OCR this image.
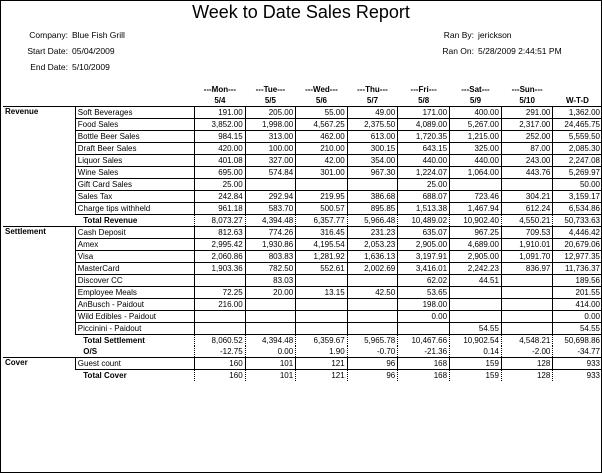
Week to Date Sales Report
Company: Blue Fish Grill
Start Date: 05/04/2009
End Date: 5/10/2009
Ran By: jerickson
Ran On: 5/28/2009 2:44:51 PM
		---Mon---	---Tue---	---Wed---	---Thu---	---Fri---	---Sat---	---Sun---	
		5/4	5/5	5/6	5/7	5/8	5/9	5/10	W-T-D
Revenue	Soft Beverages	191.00	205.00	55.00	49.00	171.00	400.00	291.00	1,362.00
	Food Sales	3,852.00	1,998.00	4,567.25	2,375.50	4,089.00	5,267.00	2,317.00	24,465.75
	Bottle Beer Sales	984.15	313.00	462.00	613.00	1,720.35	1,215.00	252.00	5,559.50
	Draft Beer Sales	420.00	100.00	210.00	300.15	643.15	325.00	87.00	2,085.30
	Liquor Sales	401.08	327.00	42.00	354.00	440.00	440.00	243.00	2,247.08
	Wine Sales	695.00	574.84	301.00	967.30	1,224.07	1,064.00	443.76	5,269.97
	Gift Card Sales	25.00				25.00			50.00
	Sales Tax	242.84	292.94	219.95	386.68	688.07	723.46	304.21	3,159.17
	Charge tips withheld	961.18	583.70	500.57	895.85	1,513.38	1,467.94	612.24	6,534.86
	Total Revenue	8,073.27	4,394.48	6,357.77	5,966.48	10,489.02	10,902.40	4,550.21	50,733.63
Settlement	Cash Deposit	812.63	774.26	316.45	231.23	635.07	967.25	709.53	4,446.42
	Amex	2,995.42	1,930.86	4,195.54	2,053.23	2,905.00	4,689.00	1,910.01	20,679.06
	Visa	2,060.86	803.83	1,281.92	1,636.13	3,197.91	2,905.00	1,091.70	12,977.35
	MasterCard	1,903.36	782.50	552.61	2,002.69	3,416.01	2,242.23	836.97	11,736.37
	Discover CC		83.03			62.02	44.51		189.56
	Employee Meals	72.25	20.00	13.15	42.50	53.65			201.55
	AnBusch - Paidout	216.00				198.00			414.00
	Wild Edibles - Paidout					0.00			0.00
	Piccinini - Paidout						54.55		54.55
	Total Settlement	8,060.52	4,394.48	6,359.67	5,965.78	10,467.66	10,902.54	4,548.21	50,698.86
	O/S	-12.75	0.00	1.90	-0.70	-21.36	0.14	-2.00	-34.77
Cover	Guest count	160	101	121	96	168	159	128	933
	Total Cover	160	101	121	96	168	159	128	933
